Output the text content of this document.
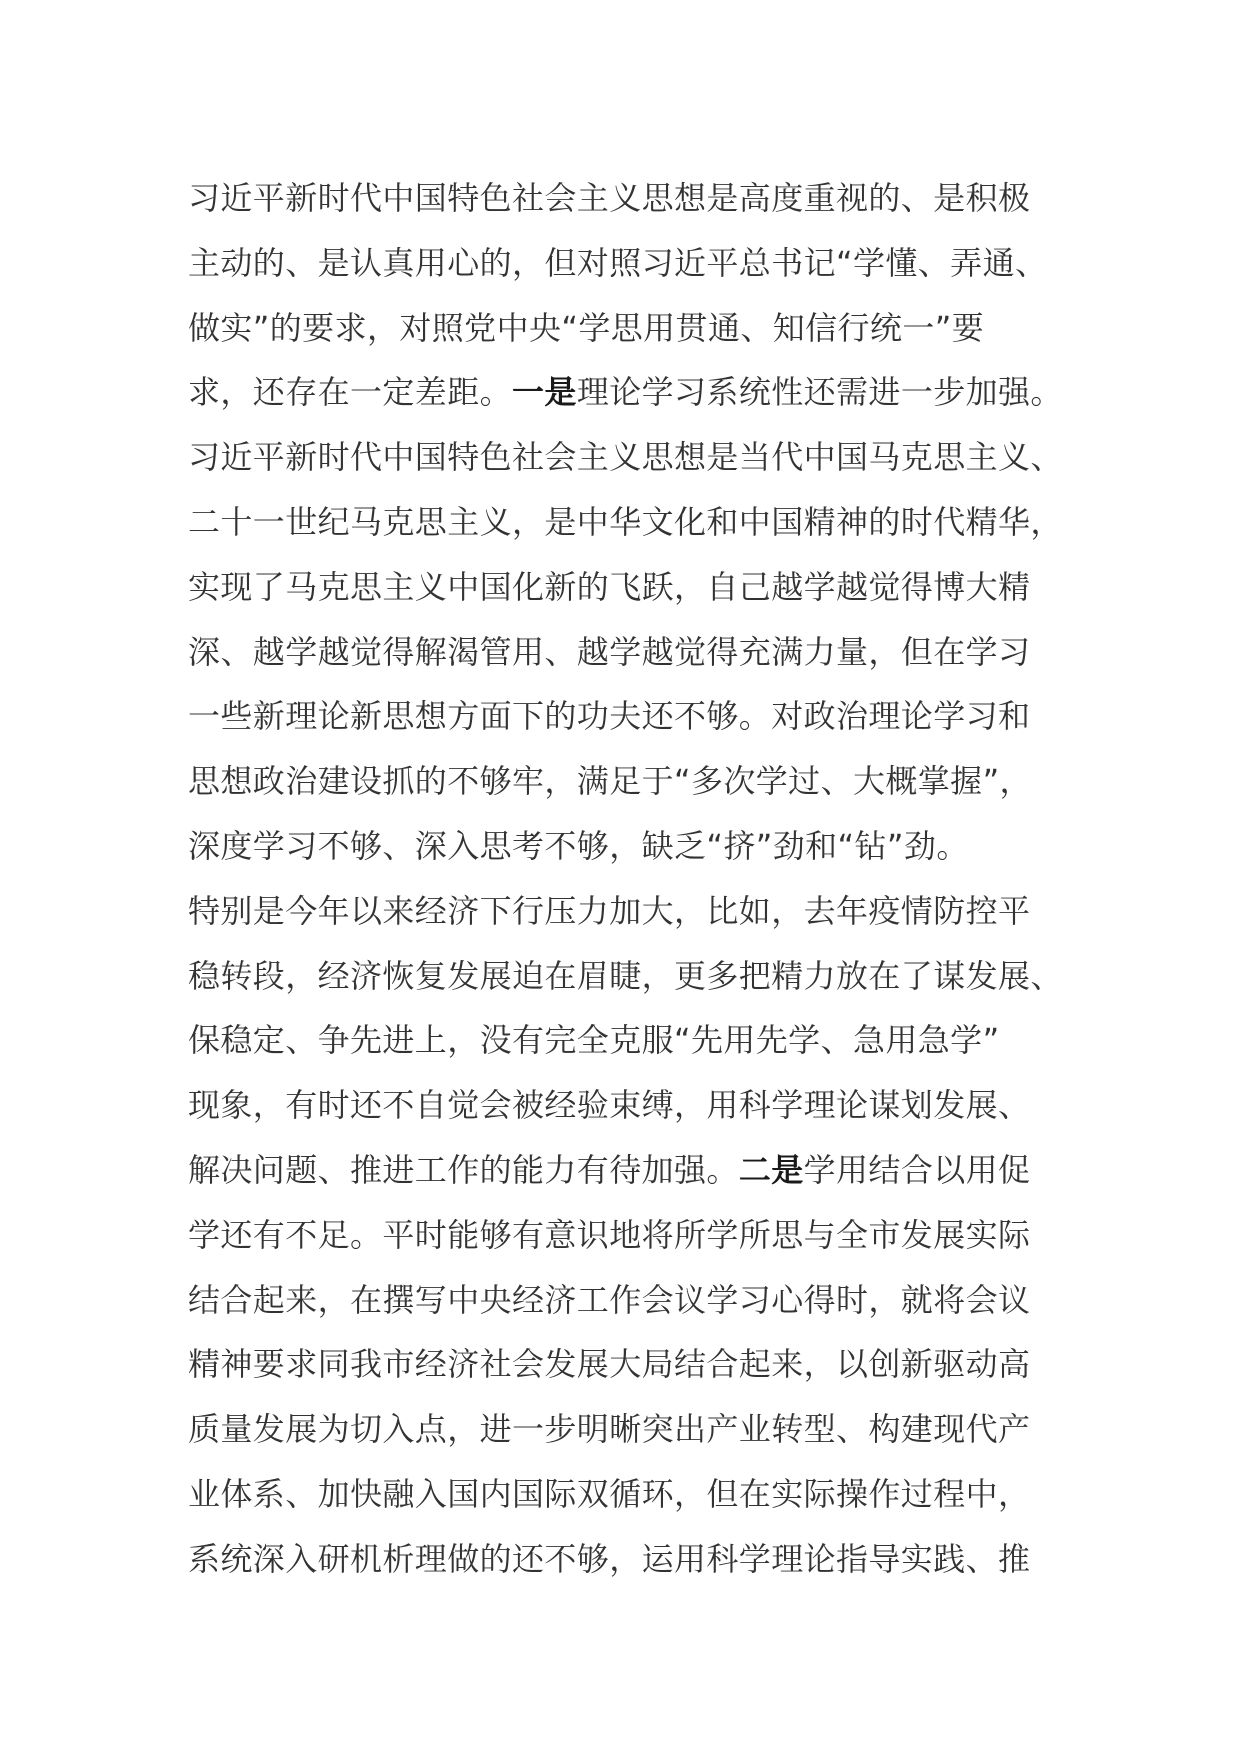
习近平新时代中国特色社会主义思想是高度重视的、是积极
主动的、是认真用心的，但对照习近平总书记“学懂、弄通、
做实”的要求，对照党中央“学思用贯通、知信行统一”要
求，还存在一定差距。一是理论学习系统性还需进一步加强。
习近平新时代中国特色社会主义思想是当代中国马克思主义、
二十一世纪马克思主义，是中华文化和中国精神的时代精华，
实现了马克思主义中国化新的飞跃，自己越学越觉得博大精
深、越学越觉得解渴管用、越学越觉得充满力量，但在学习
一些新理论新思想方面下的功夫还不够。对政治理论学习和
思想政治建设抓的不够牢，满足于“多次学过、大概掌握”，
深度学习不够、深入思考不够，缺乏“挤”劲和“钻”劲。
特别是今年以来经济下行压力加大，比如，去年疫情防控平
稳转段，经济恢复发展迫在眉睫，更多把精力放在了谋发展、
保稳定、争先进上，没有完全克服“先用先学、急用急学”
现象，有时还不自觉会被经验束缚，用科学理论谋划发展、
解决问题、推进工作的能力有待加强。二是学用结合以用促
学还有不足。平时能够有意识地将所学所思与全市发展实际
结合起来，在撰写中央经济工作会议学习心得时，就将会议
精神要求同我市经济社会发展大局结合起来，以创新驱动高
质量发展为切入点，进一步明晰突出产业转型、构建现代产
业体系、加快融入国内国际双循环，但在实际操作过程中，
系统深入研机析理做的还不够，运用科学理论指导实践、推
